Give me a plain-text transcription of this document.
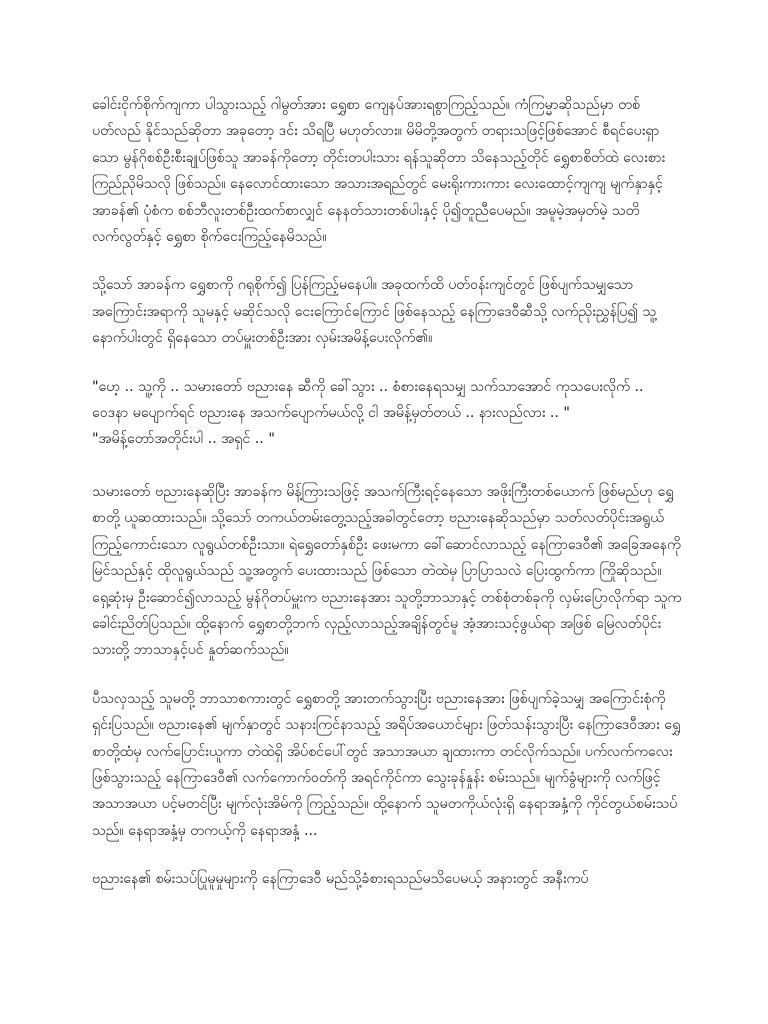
ခေါင်းငိုက်စိုက်ကျကာ ပါသွားသည့် ဂါမွတ်အား ရွှေစာ ကျေနပ်အားရစွာကြည့်သည်။ ကံကြမ္မာဆိုသည်မှာ တစ်ပတ်လည် နိုင်သည်ဆိုတာ အခုတော့ ဒင်း သိရပြီ မဟုတ်လား။ မိမိတို့အတွက် တရားသဖြင့်ဖြစ်အောင် စီရင်ပေးရှာသော မွန်ဂိုစစ်ဦးစီးချုပ်ဖြစ်သူ အာခန်ကိုတော့ တိုင်းတပါးသား ရန်သူဆိုတာ သိနေသည့်တိုင် ရွှေစာစိတ်ထဲ လေးစားကြည်ညိုမိသလို ဖြစ်သည်။ နေလောင်ထားသော အသားအရည်တွင် မေးရိုးကားကား လေးထောင့်ကျကျ မျက်နှာနှင့် အာခန်၏ ပုံစံက စစ်ဘီလူးတစ်ဦးထက်စာလျှင် နေနတ်သားတစ်ပါးနှင့် ပို၍တူညီပေမည်။ အမူမဲ့အမှတ်မဲ့ သတိလက်လွတ်နှင့် ရွှေစာ စိုက်ငေးကြည့်နေမိသည်။

သို့သော် အာခန်က ရွှေစာကို ဂရုစိုက်၍ ပြန်ကြည့်မနေပါ။ အခုထက်ထိ ပတ်ဝန်းကျင်တွင် ဖြစ်ပျက်သမျှသော အကြောင်းအရာကို သူမနှင့် မဆိုင်သလို ငေးကြောင်ကြောင် ဖြစ်နေသည့် နေကြာဒေဝီဆီသို့ လက်ညိုးညွှန်ပြ၍ သူ့နောက်ပါးတွင် ရှိနေသော တပ်မှူးတစ်ဦးအား လှမ်းအမိန့်ပေးလိုက်၏။

"ဟေ့ .. သူ့ကို .. သမားတော် ဗညားနေ ဆီကို ခေါ်သွား .. စံစားနေရသမျှ သက်သာအောင် ကုသပေးလိုက် .. ဝေဒနာ မပျောက်ရင် ဗညားနေ အသက်ပျောက်မယ်လို့ ငါ အမိန့်မှတ်တယ် .. နားလည်လား .. "

"အမိန့်တော်အတိုင်းပါ .. အရှင် .. "

သမားတော် ဗညားနေဆိုပြီး အာခန်က မိန့်ကြားသဖြင့် အသက်ကြီးရင့်နေသော အဖိုးကြီးတစ်ယောက် ဖြစ်မည်ဟု ရွှေစာတို့ ယူဆထားသည်။ သို့သော် တကယ်တမ်းတွေ့သည့်အခါတွင်တော့ ဗညားနေဆိုသည်မှာ သတ်လတ်ပိုင်းအရွယ် ကြည့်ကောင်းသော လူရွယ်တစ်ဦးသာ။ ရဲရွှေတော်နှစ်ဦး ဖေးမကာ ခေါ်ဆောင်လာသည့် နေကြာဒေဝီ၏ အခြေအနေကို မြင်သည်နှင့် ထိုလူရွယ်သည် သူ့အတွက် ပေးထားသည် ဖြစ်သော တဲထဲမှ ပြာပြာသလဲ ပြေးထွက်ကာ ကြိုဆိုသည်။ ရှေ့ဆုံးမှ ဦးဆောင်၍လာသည့် မွန်ဂိုတပ်မှူးက ဗညားနေအား သူတို့ဘာသာနှင့် တစ်စုံတစ်ခုကို လှမ်းပြောလိုက်ရာ သူက ခေါင်းညိတ်ပြသည်။ ထို့နောက် ရွှေစာတို့ဘက် လှည့်လာသည့်အချိန်တွင်မူ အံ့အားသင့်ဖွယ်ရာ အဖြစ် မြေလတ်ပိုင်းသားတို့ ဘာသာနှင့်ပင် နှုတ်ဆက်သည်။

ပီသလှသည့် သူမတို့ ဘာသာစကားတွင် ရွှေစာတို့ အားတက်သွားပြီး ဗညားနေအား ဖြစ်ပျက်ခဲ့သမျှ အကြောင်းစုံကို ရှင်းပြသည်။ ဗညားနေ၏ မျက်နှာတွင် သနားကြင်နာသည့် အရိပ်အယောင်များ ဖြတ်သန်းသွားပြီး နေကြာဒေဝီအား ရွှေစာတို့ထံမှ လက်ပြောင်းယူကာ တဲထဲရှိ အိပ်စင်ပေါ်တွင် အသာအယာ ချထားကာ တင်လိုက်သည်။ ပက်လက်ကလေး ဖြစ်သွားသည့် နေကြာဒေဝီ၏ လက်ကောက်ဝတ်ကို အရင်ကိုင်ကာ သွေးခုန်နှုန်း စမ်းသည်။ မျက်ခွံများကို လက်ဖြင့်အသာအယာ ပင့်မတင်ပြီး မျက်လုံးအိမ်ကို ကြည့်သည်။ ထို့နောက် သူမတကိုယ်လုံးရှိ နေရာအနှံ့ကို ကိုင်တွယ်စမ်းသပ်သည်။ နေရာအနှံ့မှ တကယ့်ကို နေရာအနှံ့ ...

ဗညားနေ၏ စမ်းသပ်ပြုမူမှုများကို နေကြာဒေဝီ မည်သို့ခံစားရသည်မသိပေမယ့် အနားတွင် အနီးကပ်
